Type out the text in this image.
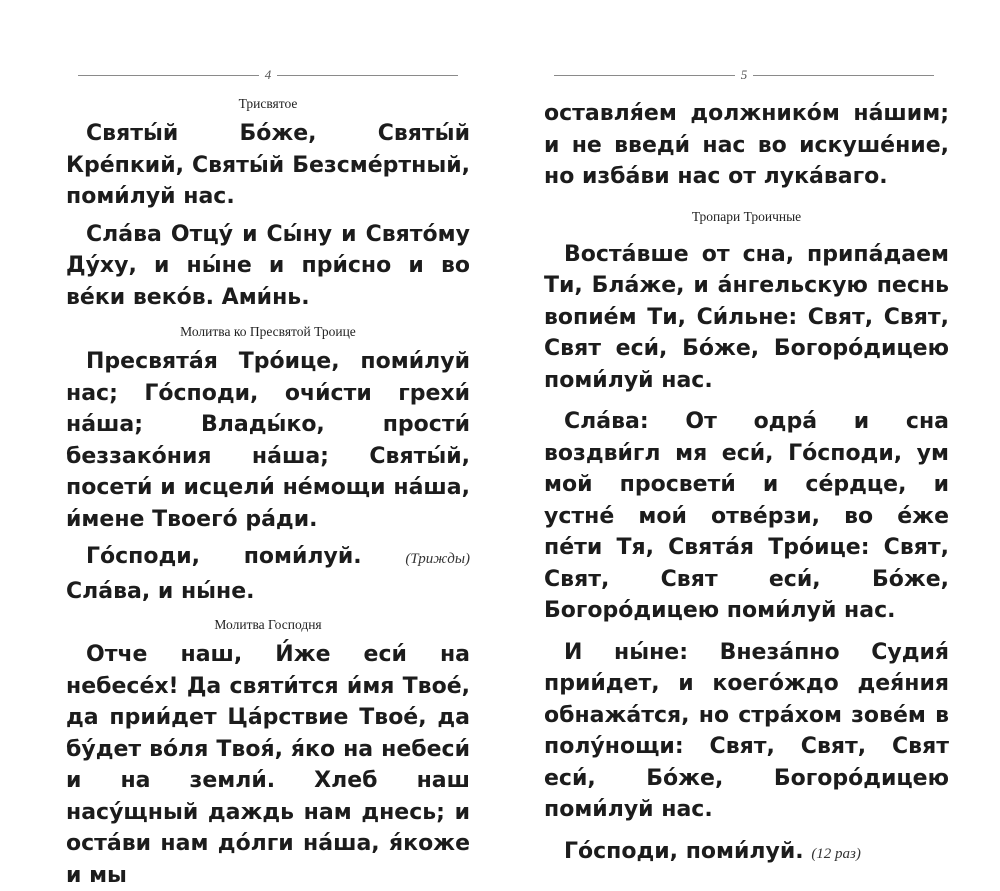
4

Трисвятое

Святы́й Бо́же, Святы́й Кре́пкий, Святы́й Безсме́ртный, поми́луй нас.

Сла́ва Отцу́ и Сы́ну и Свято́му Ду́ху, и ны́не и при́сно и во ве́ки веко́в. Ами́нь.

Молитва ко Пресвятой Троице

Пресвята́я Тро́ице, поми́луй нас; Го́споди, очи́сти грехи́ на́ша; Влады́ко, прости́ беззако́ния на́ша; Святы́й, посети́ и исцели́ не́мощи на́ша, и́мене Твоего́ ра́ди.

Го́споди, поми́луй.	(Трижды) Сла́ва, и ны́не.

Молитва Господня

Отче наш, И́же еси́ на небесе́х! Да святи́тся и́мя Твое́, да прии́дет Ца́рствие Твое́, да бу́дет во́ля Твоя́, я́ко на небеси́ и на земли́. Хлеб наш насу́щный даждь нам днесь; и оста́ви нам до́лги на́ша, я́коже и мы

5

оставля́ем должнико́м на́шим; и не введи́ нас во искуше́ние, но изба́ви нас от лука́ваго.

Тропари Троичные

Воста́вше от сна, припа́даем Ти, Бла́же, и а́нгельскую песнь вопие́м Ти, Си́льне: Свят, Свят, Свят еси́, Бо́же, Богоро́дицею поми́луй нас.

Сла́ва: От одра́ и сна воздви́гл мя еси́, Го́споди, ум мой просвети́ и се́рдце, и устне́ мои́ отве́рзи, во е́же пе́ти Тя, Свята́я Тро́ице: Свят, Свят, Свят еси́, Бо́же, Богоро́дицею поми́луй нас.

И ны́не: Внеза́пно Судия́ прии́дет, и коего́ждо дея́ния обнажа́тся, но стра́хом зове́м в полу́нощи: Свят, Свят, Свят еси́, Бо́же, Богоро́дицею поми́луй нас.

Го́споди, поми́луй. (12 раз)
